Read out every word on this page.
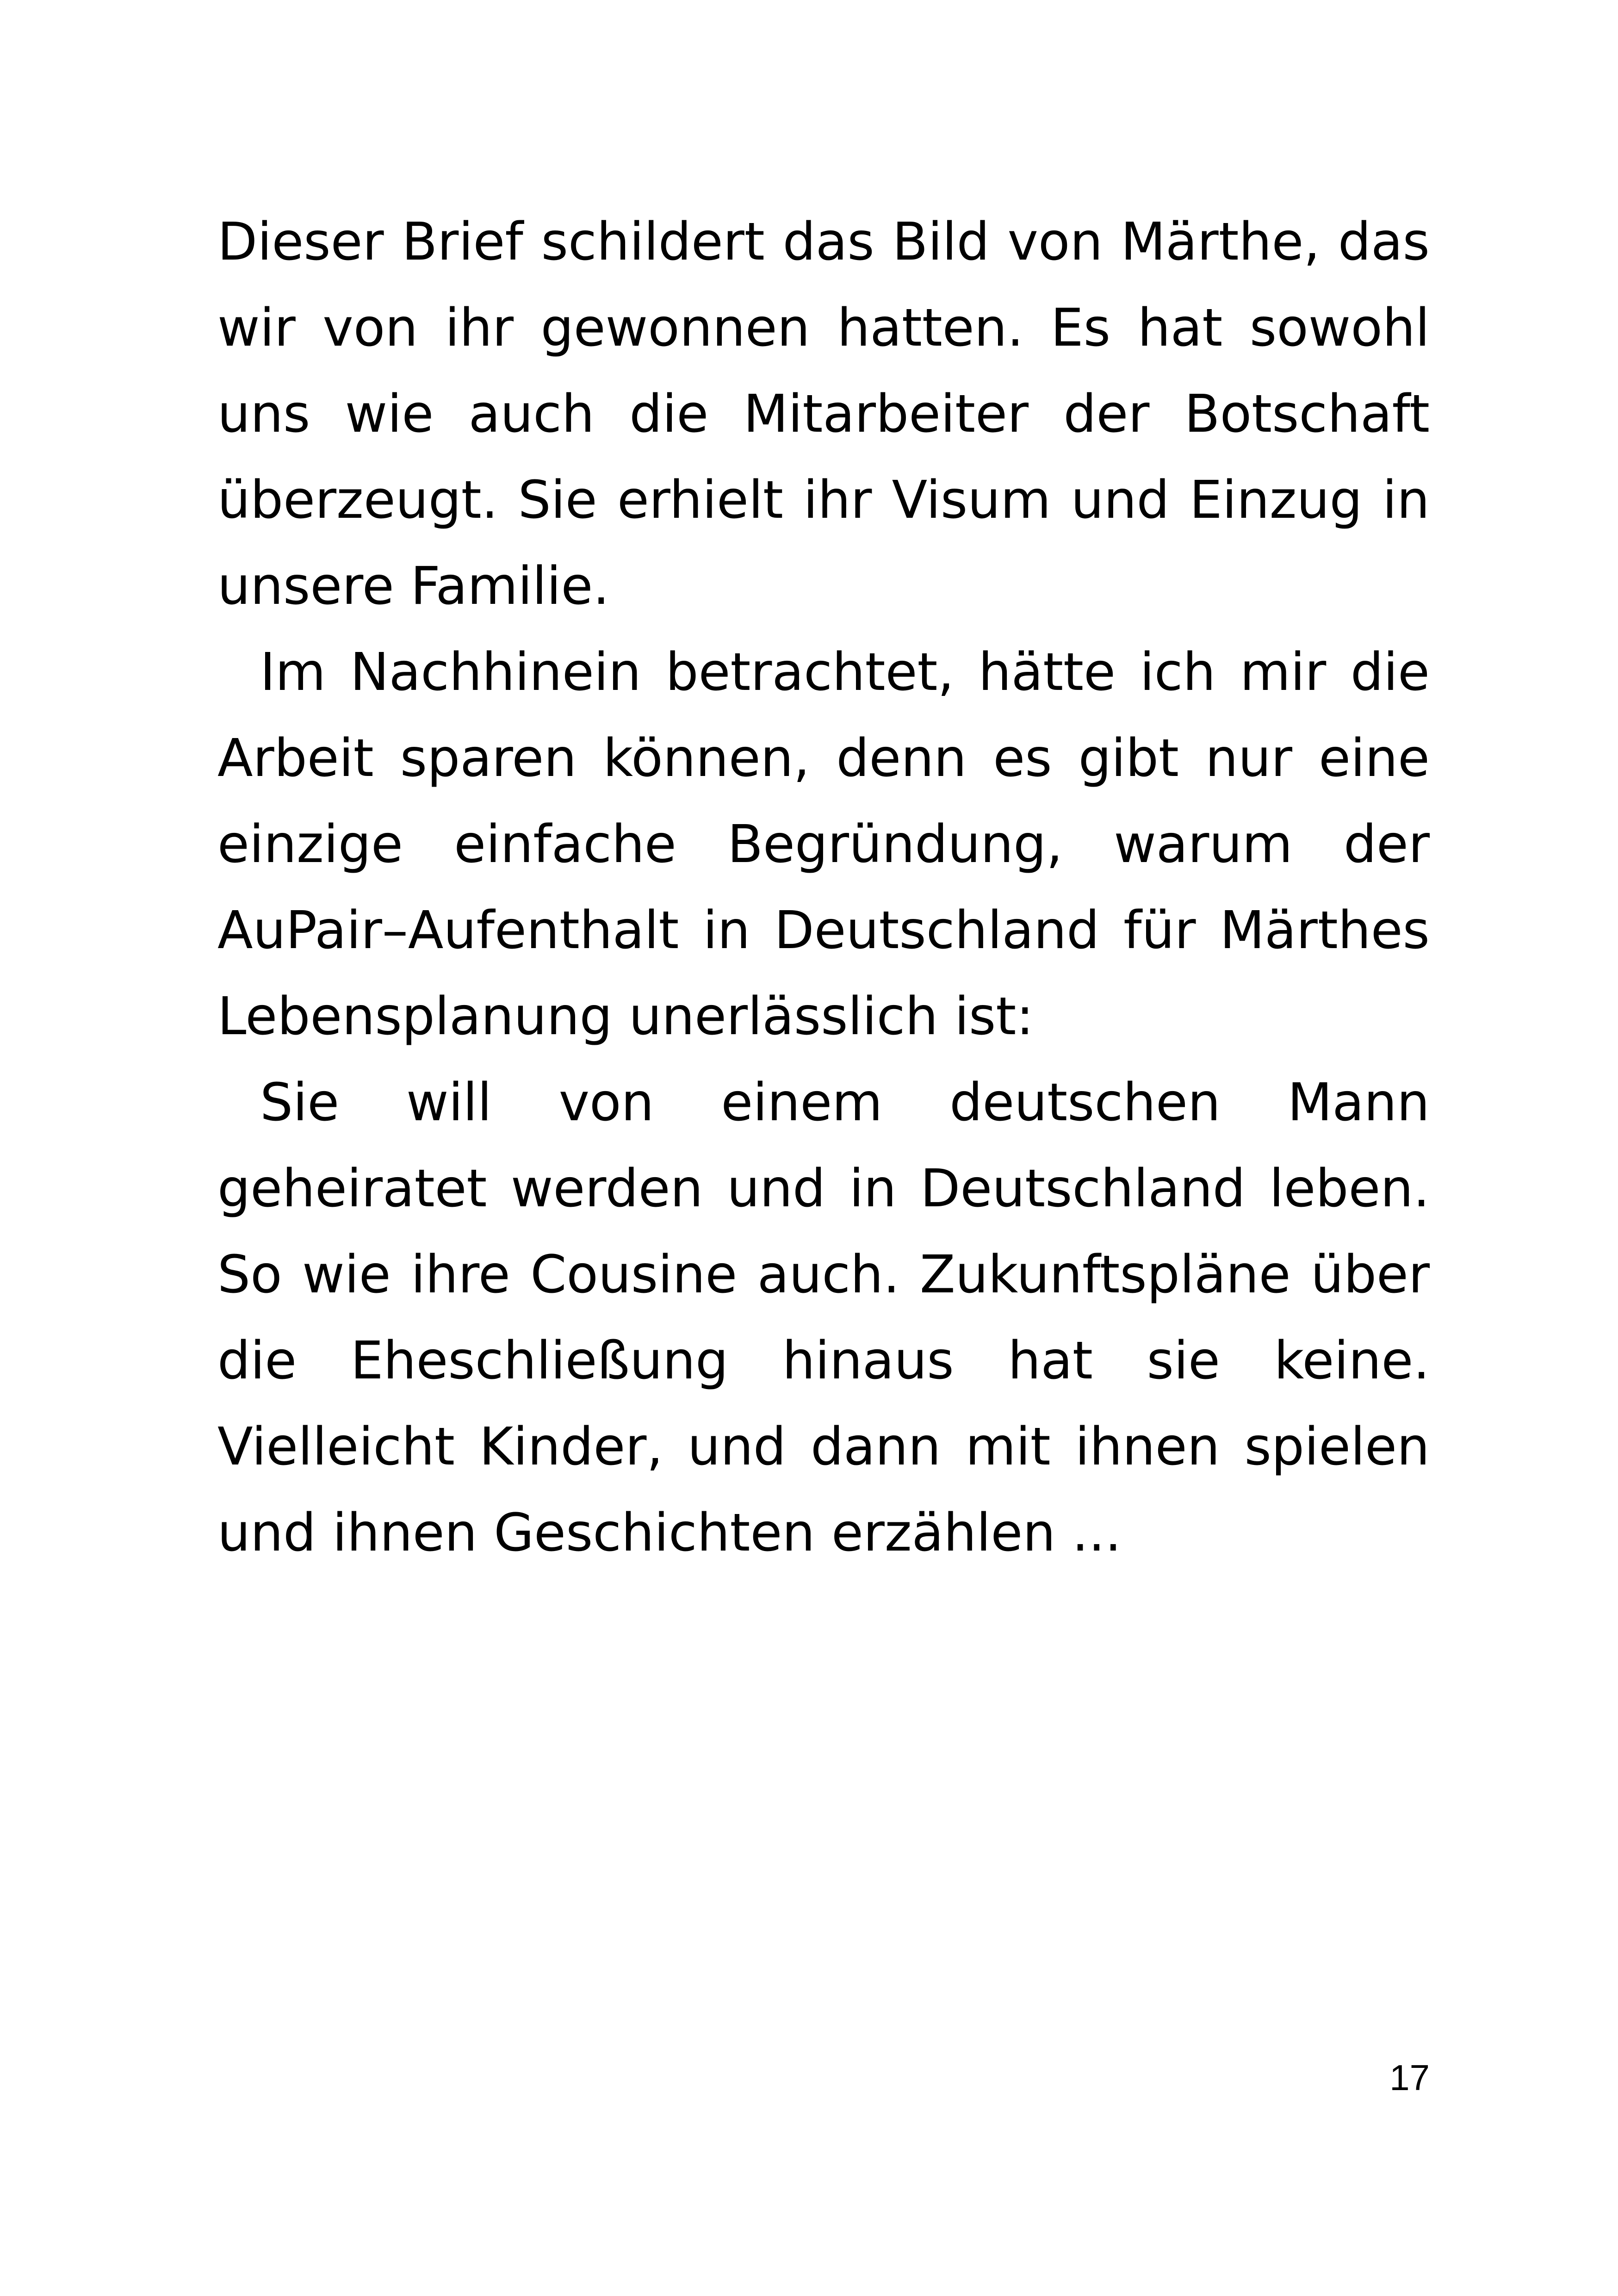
Dieser Brief schildert das Bild von Märthe, das wir von ihr gewonnen hatten. Es hat sowohl uns wie auch die Mitarbeiter der Botschaft überzeugt. Sie erhielt ihr Visum und Einzug in unsere Familie.

Im Nachhinein betrachtet, hätte ich mir die Arbeit sparen können, denn es gibt nur eine einzige einfache Begründung, warum der AuPair–Aufenthalt in Deutschland für Märthes Lebensplanung unerlässlich ist:

Sie will von einem deutschen Mann geheiratet werden und in Deutschland leben. So wie ihre Cousine auch. Zukunftspläne über die Eheschließung hinaus hat sie keine. Vielleicht Kinder, und dann mit ihnen spielen und ihnen Geschichten erzählen ...

17
